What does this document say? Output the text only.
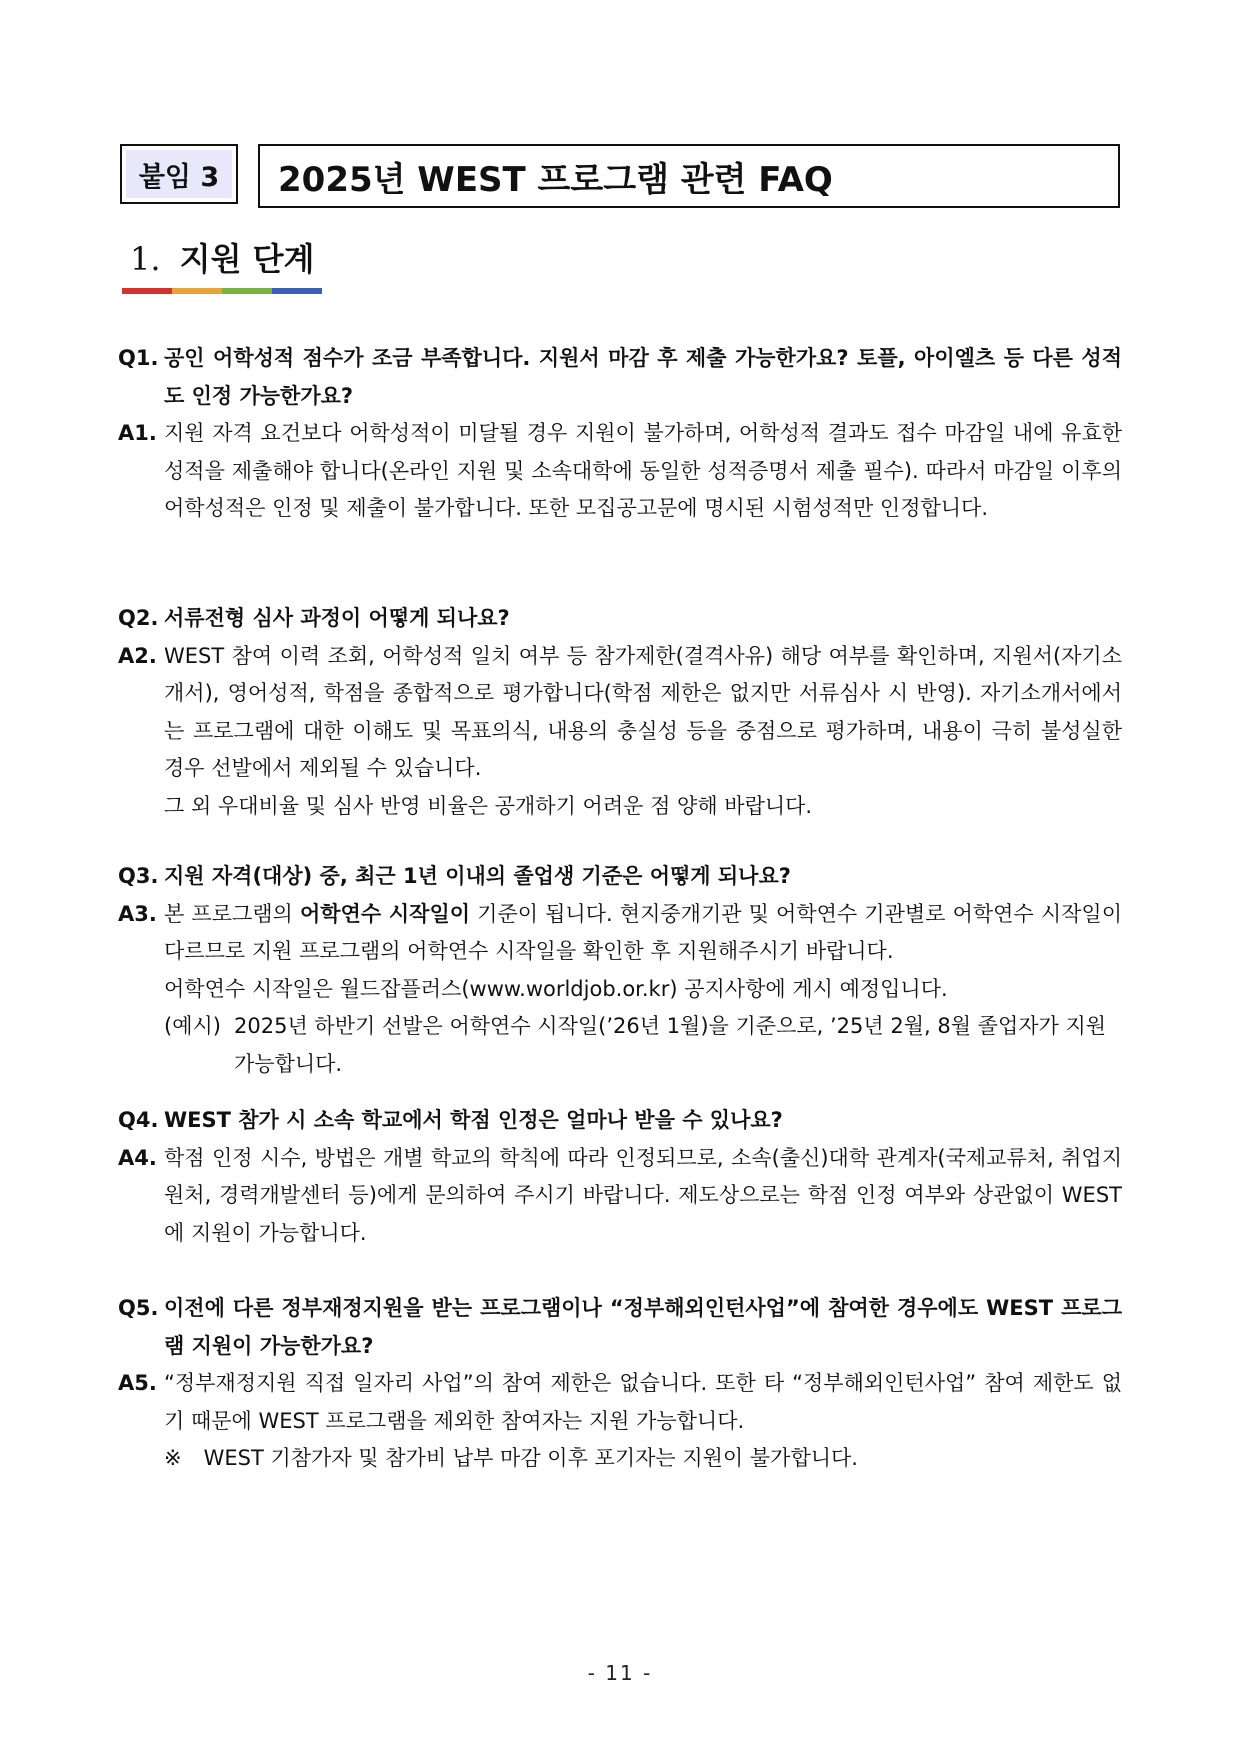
붙임 3	2025년 WEST 프로그램 관련 FAQ
1. 지원 단계
Q1. 공인 어학성적 점수가 조금 부족합니다. 지원서 마감 후 제출 가능한가요? 토플, 아이엘츠 등 다른 성적도 인정 가능한가요?
A1. 지원 자격 요건보다 어학성적이 미달될 경우 지원이 불가하며, 어학성적 결과도 접수 마감일 내에 유효한 성적을 제출해야 합니다(온라인 지원 및 소속대학에 동일한 성적증명서 제출 필수). 따라서 마감일 이후의 어학성적은 인정 및 제출이 불가합니다. 또한 모집공고문에 명시된 시험성적만 인정합니다.
Q2. 서류전형 심사 과정이 어떻게 되나요?
A2. WEST 참여 이력 조회, 어학성적 일치 여부 등 참가제한(결격사유) 해당 여부를 확인하며, 지원서(자기소개서), 영어성적, 학점을 종합적으로 평가합니다(학점 제한은 없지만 서류심사 시 반영). 자기소개서에서는 프로그램에 대한 이해도 및 목표의식, 내용의 충실성 등을 중점으로 평가하며, 내용이 극히 불성실한 경우 선발에서 제외될 수 있습니다.
그 외 우대비율 및 심사 반영 비율은 공개하기 어려운 점 양해 바랍니다.
Q3. 지원 자격(대상) 중, 최근 1년 이내의 졸업생 기준은 어떻게 되나요?
A3. 본 프로그램의 어학연수 시작일이 기준이 됩니다. 현지중개기관 및 어학연수 기관별로 어학연수 시작일이 다르므로 지원 프로그램의 어학연수 시작일을 확인한 후 지원해주시기 바랍니다.
어학연수 시작일은 월드잡플러스(www.worldjob.or.kr) 공지사항에 게시 예정입니다.
(예시) 2025년 하반기 선발은 어학연수 시작일(’26년 1월)을 기준으로, ’25년 2월, 8월 졸업자가 지원 가능합니다.
Q4. WEST 참가 시 소속 학교에서 학점 인정은 얼마나 받을 수 있나요?
A4. 학점 인정 시수, 방법은 개별 학교의 학칙에 따라 인정되므로, 소속(출신)대학 관계자(국제교류처, 취업지원처, 경력개발센터 등)에게 문의하여 주시기 바랍니다. 제도상으로는 학점 인정 여부와 상관없이 WEST에 지원이 가능합니다.
Q5. 이전에 다른 정부재정지원을 받는 프로그램이나 “정부해외인턴사업”에 참여한 경우에도 WEST 프로그램 지원이 가능한가요?
A5. “정부재정지원 직접 일자리 사업”의 참여 제한은 없습니다. 또한 타 “정부해외인턴사업” 참여 제한도 없기 때문에 WEST 프로그램을 제외한 참여자는 지원 가능합니다.
※ WEST 기참가자 및 참가비 납부 마감 이후 포기자는 지원이 불가합니다.
- 11 -
